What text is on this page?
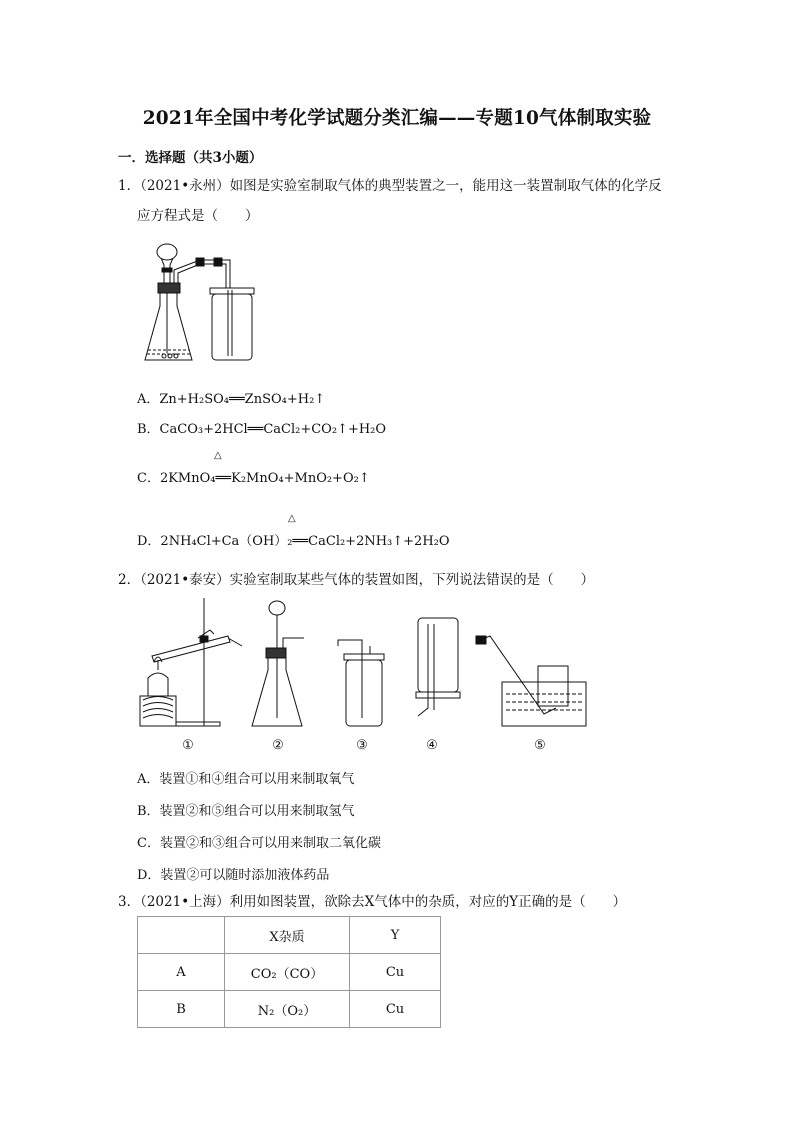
2021年全国中考化学试题分类汇编——专题10气体制取实验
一．选择题（共3小题）
1．（2021•永州）如图是实验室制取气体的典型装置之一，能用这一装置制取气体的化学反
应方程式是（　　）
A．Zn+H₂SO₄══ZnSO₄+H₂↑
B．CaCO₃+2HCl══CaCl₂+CO₂↑+H₂O
△
C．2KMnO₄══K₂MnO₄+MnO₂+O₂↑
△
D．2NH₄Cl+Ca（OH）₂══CaCl₂+2NH₃↑+2H₂O
2．（2021•泰安）实验室制取某些气体的装置如图，下列说法错误的是（　　）
①	②	③	④	⑤
A．装置①和④组合可以用来制取氧气
B．装置②和⑤组合可以用来制取氢气
C．装置②和③组合可以用来制取二氧化碳
D．装置②可以随时添加液体药品
3．（2021•上海）利用如图装置，欲除去X气体中的杂质，对应的Y正确的是（　　）
	X杂质	Y
A	CO₂（CO）	Cu
B	N₂（O₂）	Cu
